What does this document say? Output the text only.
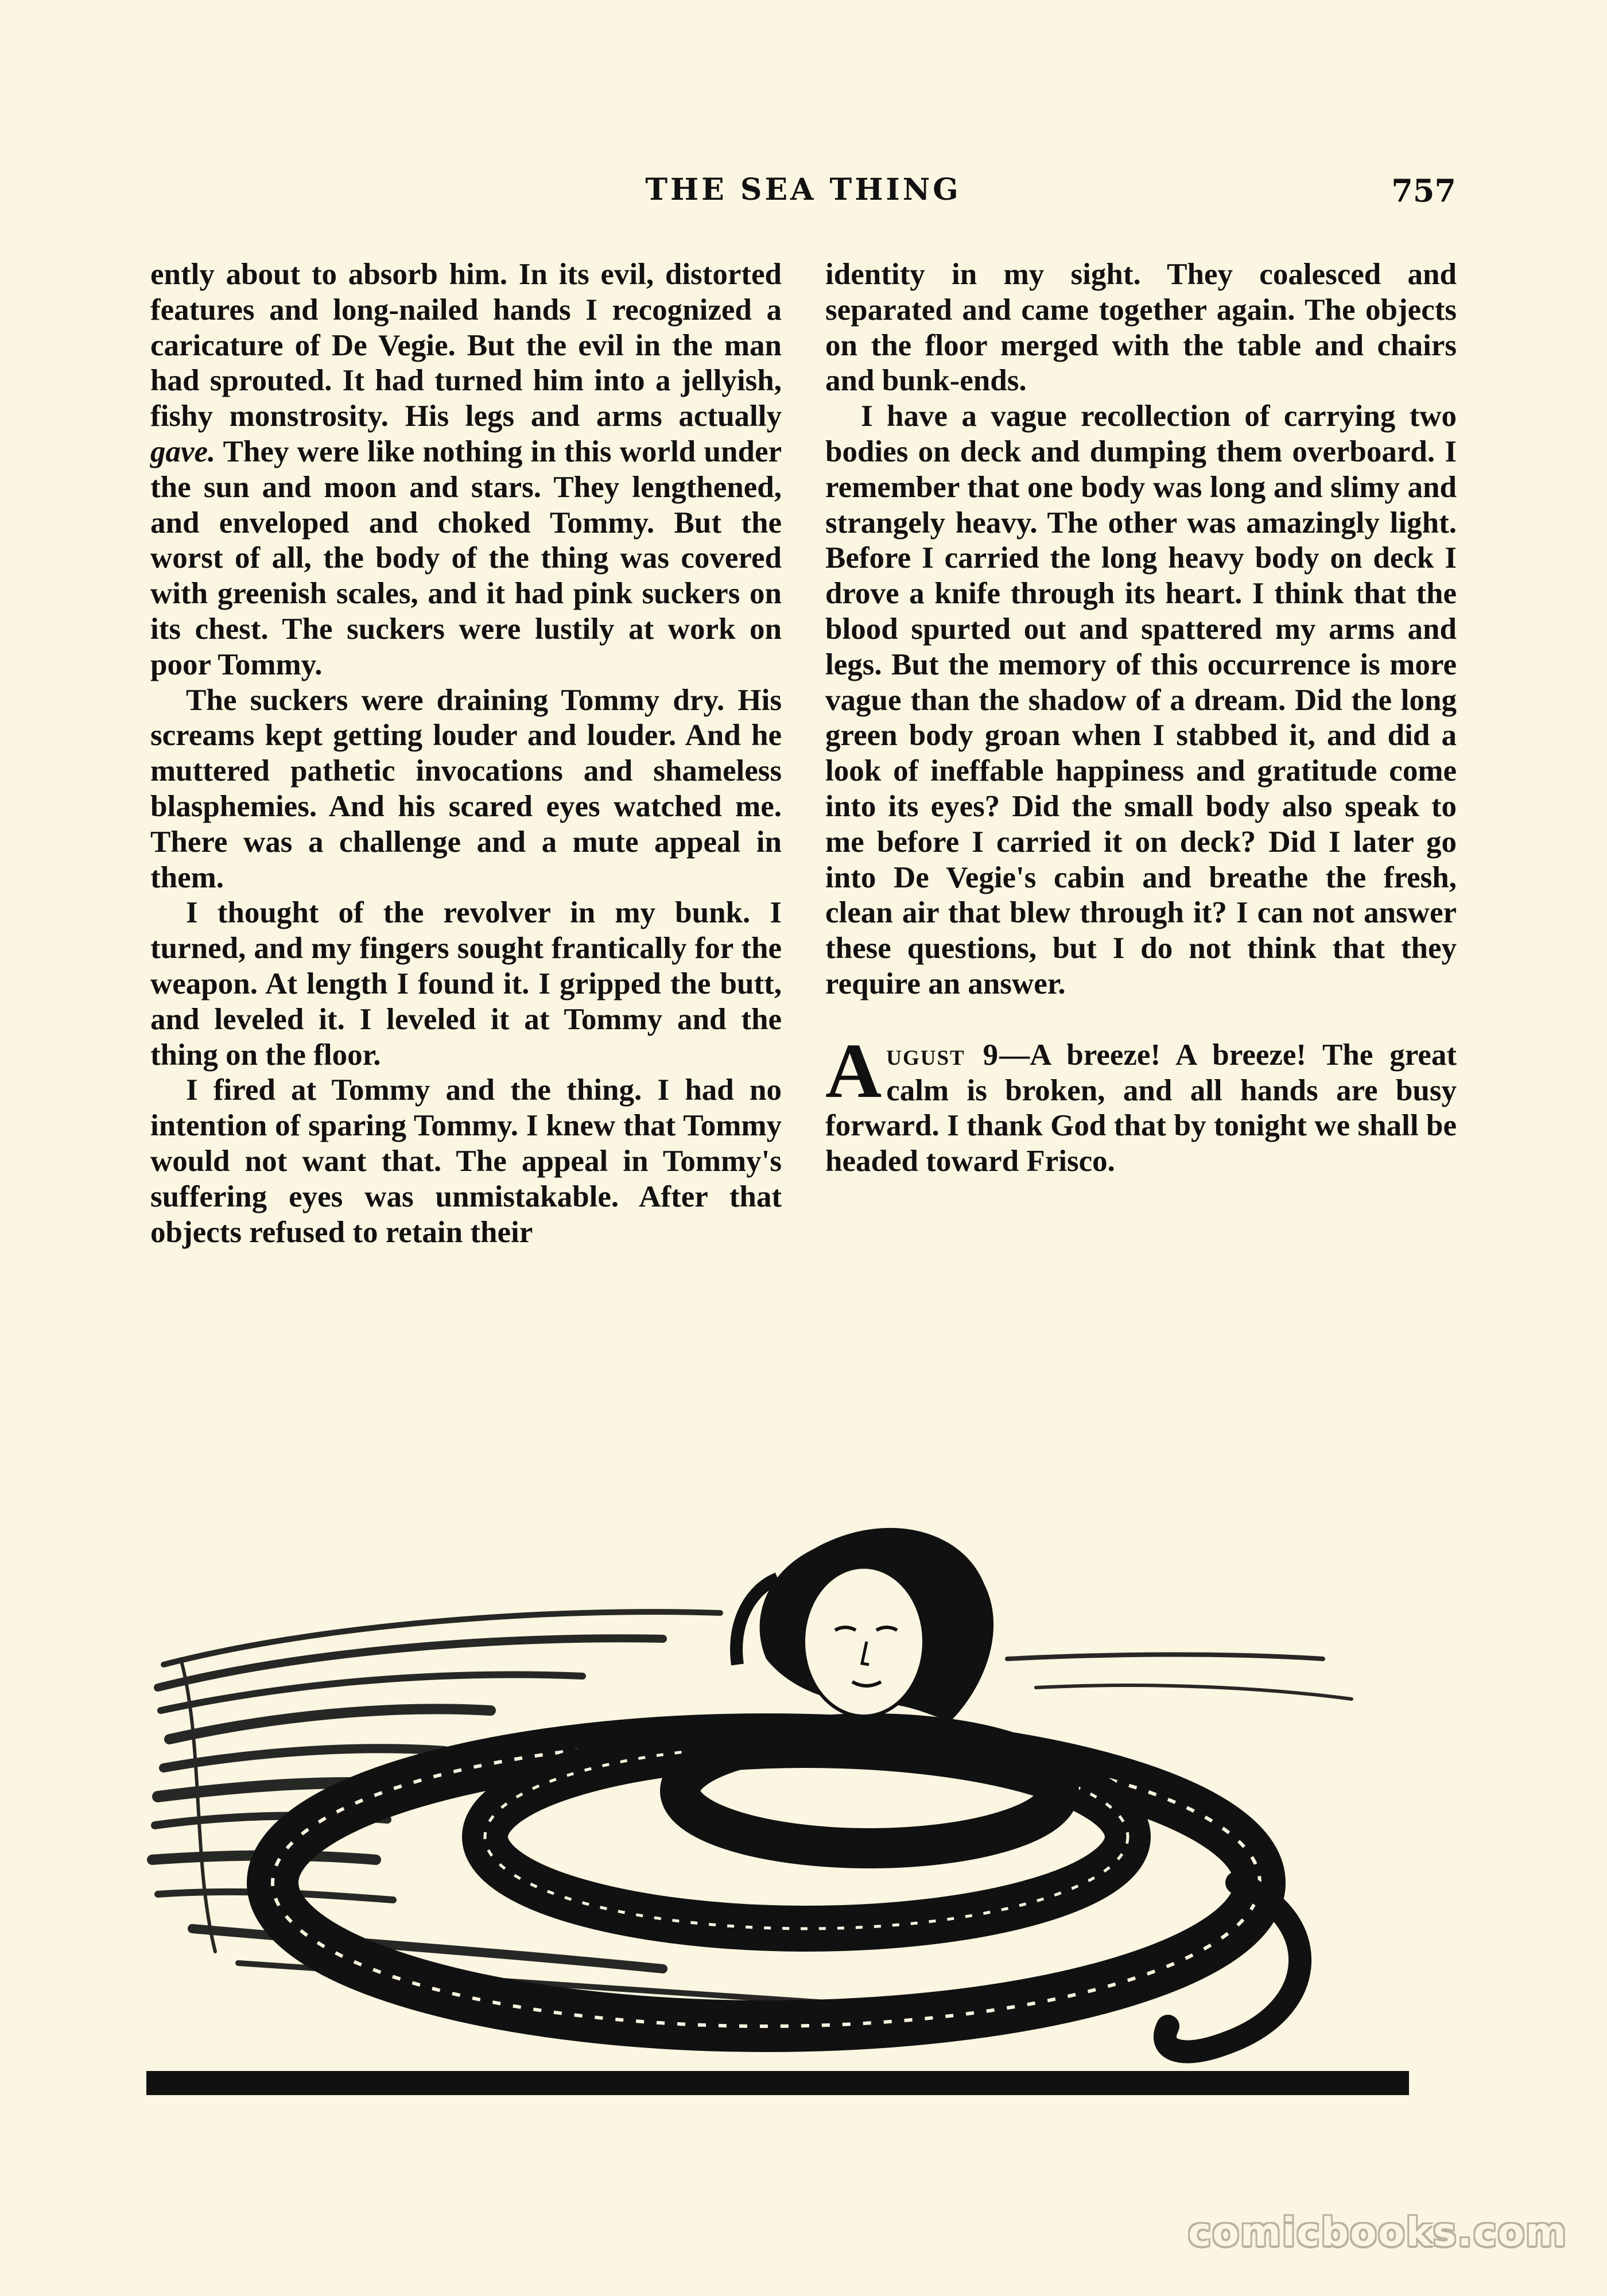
THE SEA THING	757

ently about to absorb him. In its evil, distorted features and long-nailed hands I recognized a caricature of De Vegie. But the evil in the man had sprouted. It had turned him into a jellyish, fishy monstrosity. His legs and arms actually gave. They were like nothing in this world under the sun and moon and stars. They lengthened, and enveloped and choked Tommy. But the worst of all, the body of the thing was covered with greenish scales, and it had pink suckers on its chest. The suckers were lustily at work on poor Tommy.

The suckers were draining Tommy dry. His screams kept getting louder and louder. And he muttered pathetic invocations and shameless blasphemies. And his scared eyes watched me. There was a challenge and a mute appeal in them.

I thought of the revolver in my bunk. I turned, and my fingers sought frantically for the weapon. At length I found it. I gripped the butt, and leveled it. I leveled it at Tommy and the thing on the floor.

I fired at Tommy and the thing. I had no intention of sparing Tommy. I knew that Tommy would not want that. The appeal in Tommy's suffering eyes was unmistakable. After that objects refused to retain their

identity in my sight. They coalesced and separated and came together again. The objects on the floor merged with the table and chairs and bunk-ends.

I have a vague recollection of carrying two bodies on deck and dumping them overboard. I remember that one body was long and slimy and strangely heavy. The other was amazingly light. Before I carried the long heavy body on deck I drove a knife through its heart. I think that the blood spurted out and spattered my arms and legs. But the memory of this occurrence is more vague than the shadow of a dream. Did the long green body groan when I stabbed it, and did a look of ineffable happiness and gratitude come into its eyes? Did the small body also speak to me before I carried it on deck? Did I later go into De Vegie's cabin and breathe the fresh, clean air that blew through it? I can not answer these questions, but I do not think that they require an answer.

August 9—A breeze! A breeze! The great calm is broken, and all hands are busy forward. I thank God that by tonight we shall be headed toward Frisco.

comicbooks.com
